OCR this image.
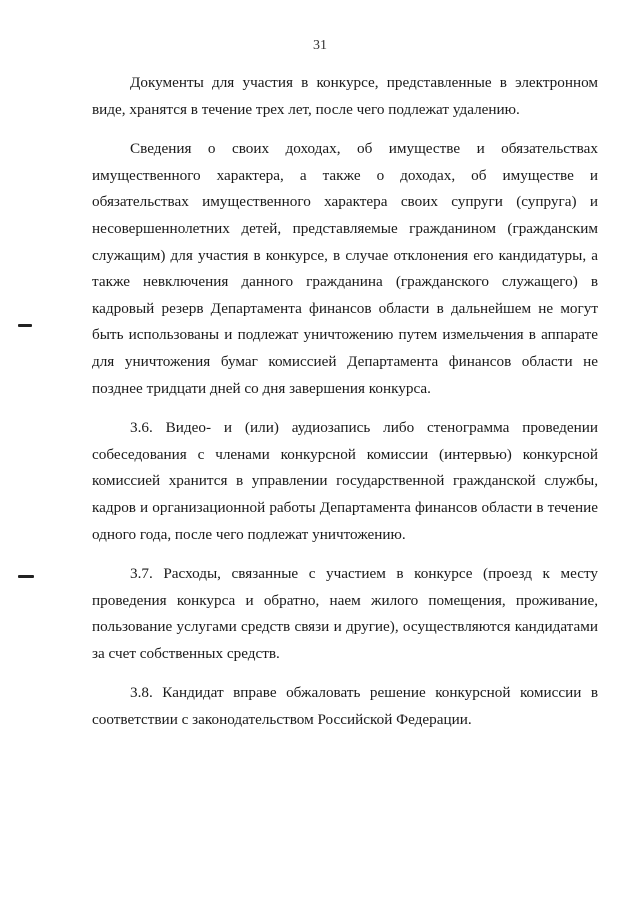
31

Документы для участия в конкурсе, представленные в электронном виде, хранятся в течение трех лет, после чего подлежат удалению.

Сведения о своих доходах, об имуществе и обязательствах имущественного характера, а также о доходах, об имуществе и обязательствах имущественного характера своих супруги (супруга) и несовершеннолетних детей, представляемые гражданином (гражданским служащим) для участия в конкурсе, в случае отклонения его кандидатуры, а также невключения данного гражданина (гражданского служащего) в кадровый резерв Департамента финансов области в дальнейшем не могут быть использованы и подлежат уничтожению путем измельчения в аппарате для уничтожения бумаг комиссией Департамента финансов области не позднее тридцати дней со дня завершения конкурса.

3.6. Видео- и (или) аудиозапись либо стенограмма проведении собеседования с членами конкурсной комиссии (интервью) конкурсной комиссией хранится в управлении государственной гражданской службы, кадров и организационной работы Департамента финансов области в течение одного года, после чего подлежат уничтожению.

3.7. Расходы, связанные с участием в конкурсе (проезд к месту проведения конкурса и обратно, наем жилого помещения, проживание, пользование услугами средств связи и другие), осуществляются кандидатами за счет собственных средств.

3.8. Кандидат вправе обжаловать решение конкурсной комиссии в соответствии с законодательством Российской Федерации.
